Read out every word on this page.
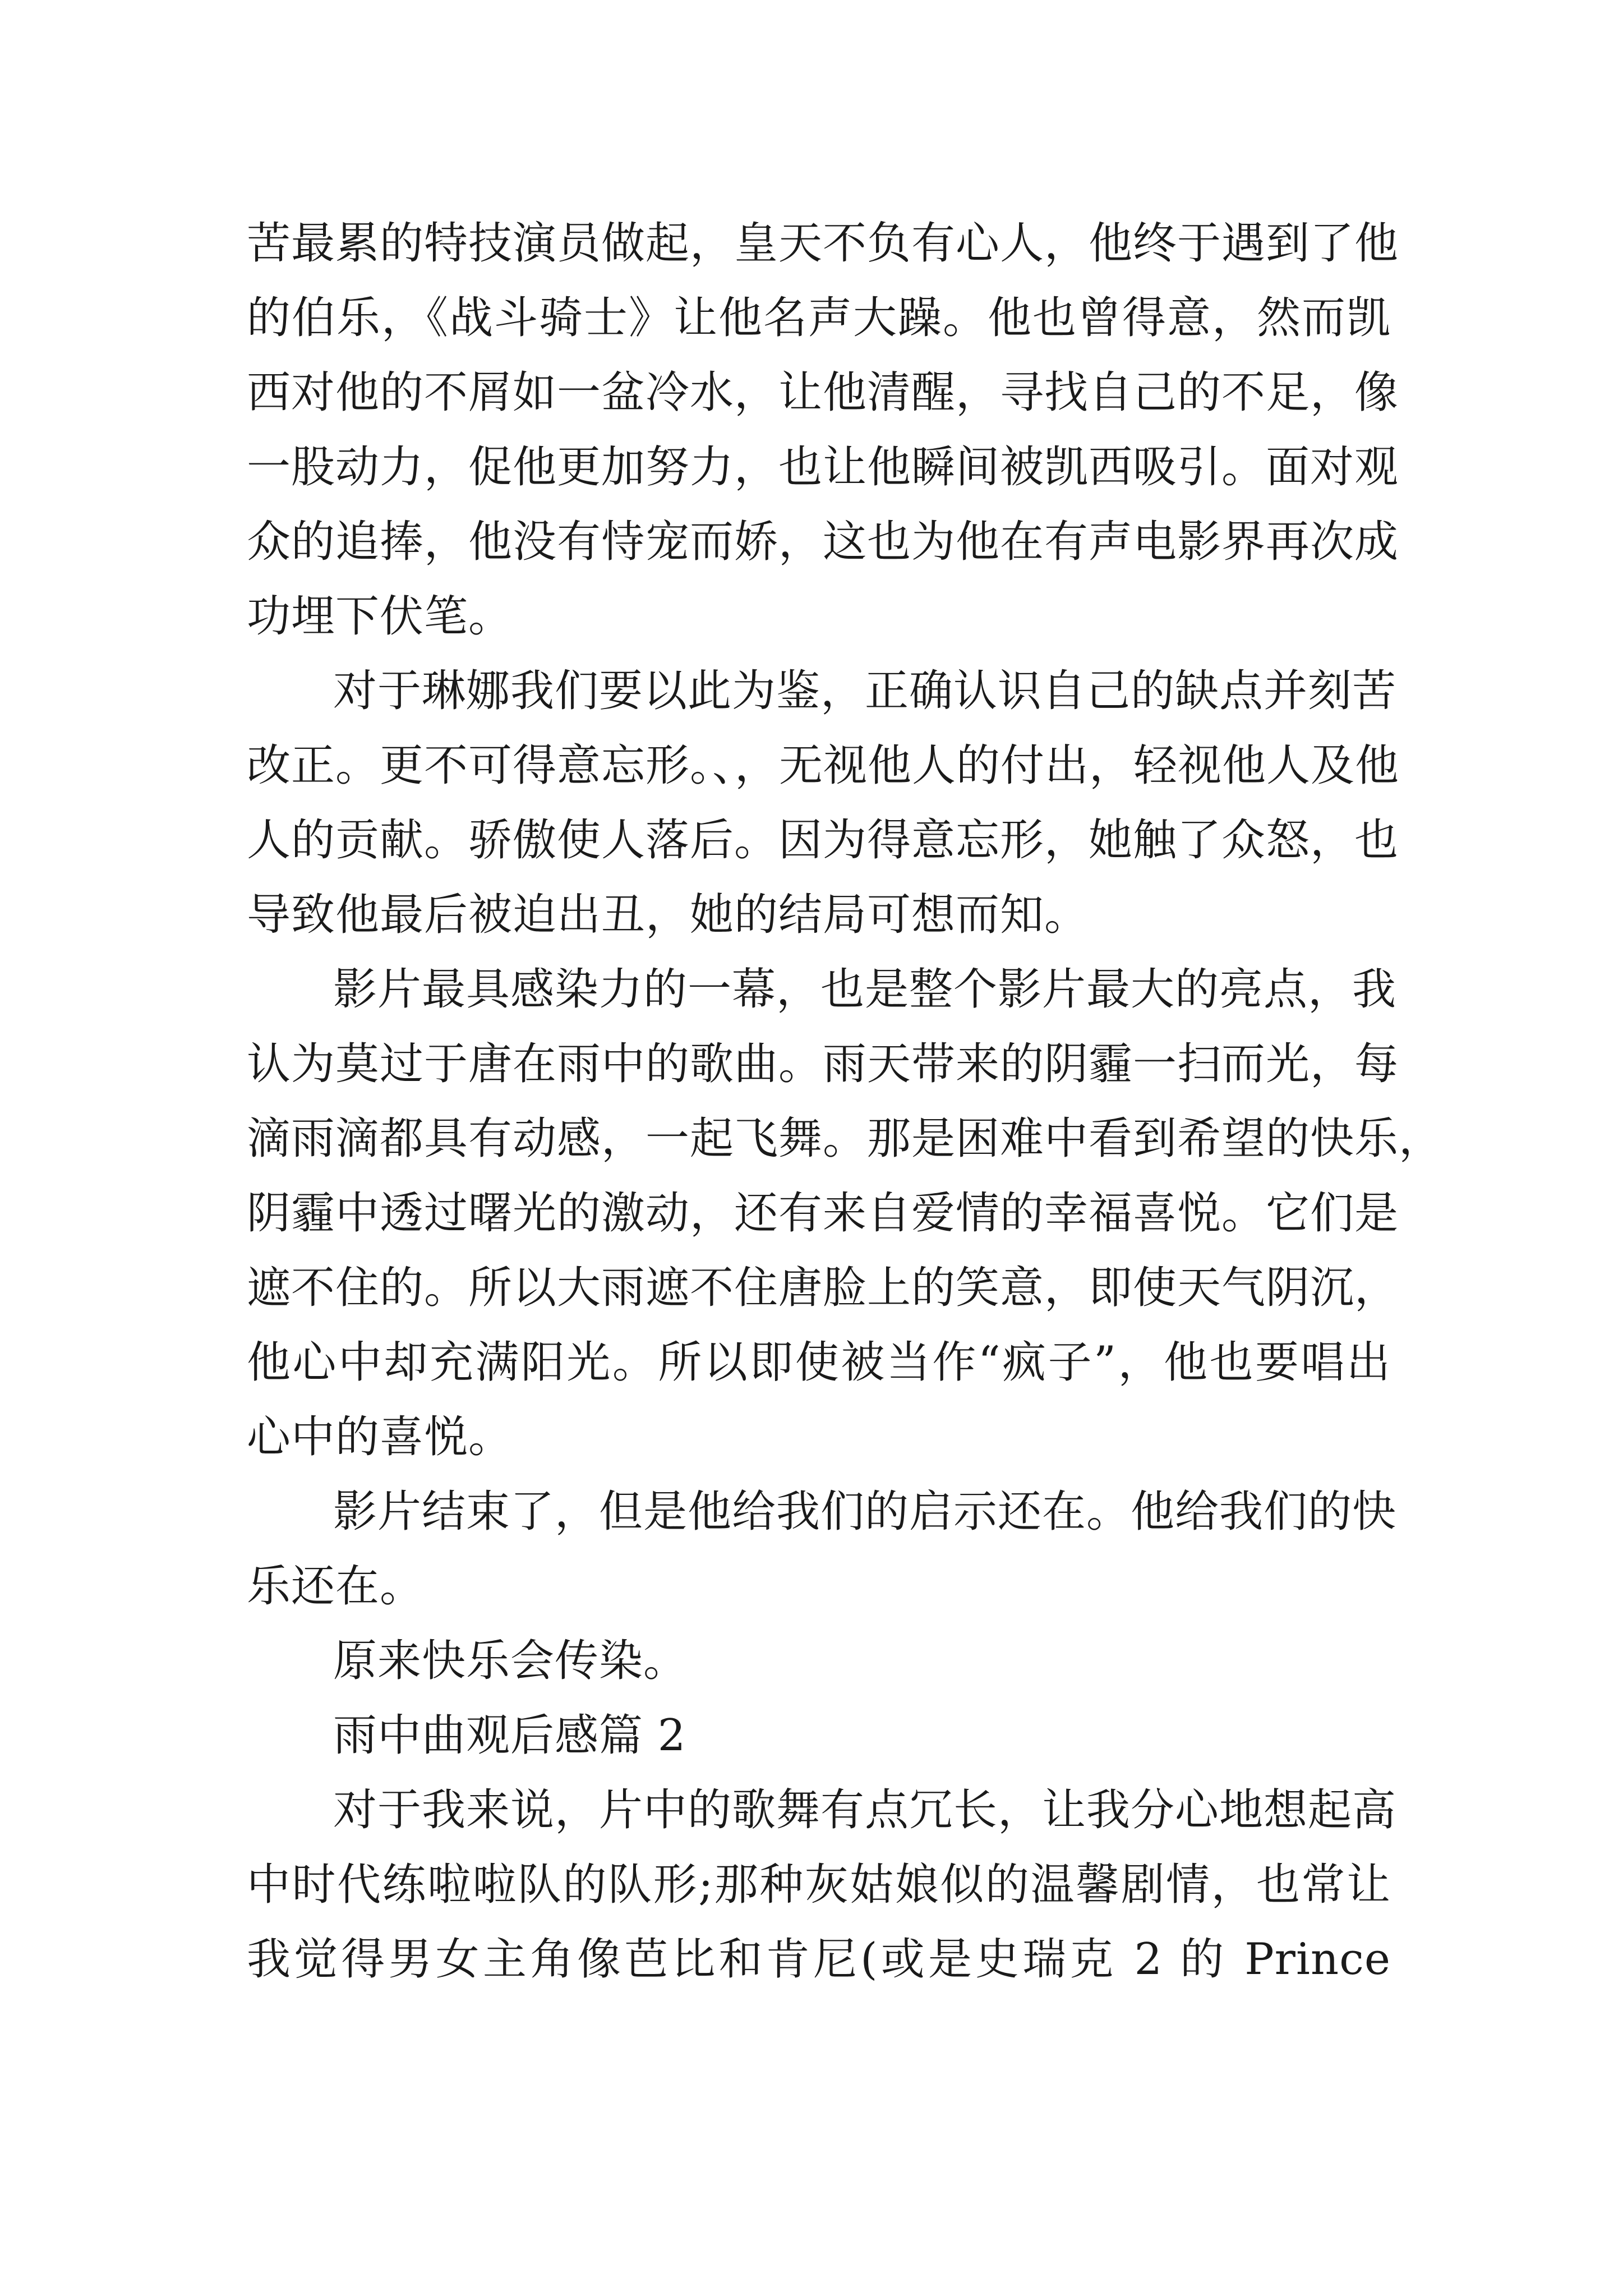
苦最累的特技演员做起，皇天不负有心人，他终于遇到了他
的伯乐，《战斗骑士》让他名声大躁。他也曾得意，然而凯
西对他的不屑如一盆冷水，让他清醒，寻找自己的不足，像
一股动力，促他更加努力，也让他瞬间被凯西吸引。面对观
众的追捧，他没有恃宠而娇，这也为他在有声电影界再次成
功埋下伏笔。
对于琳娜我们要以此为鉴，正确认识自己的缺点并刻苦
改正。更不可得意忘形。、，无视他人的付出，轻视他人及他
人的贡献。骄傲使人落后。因为得意忘形，她触了众怒，也
导致他最后被迫出丑，她的结局可想而知。
影片最具感染力的一幕，也是整个影片最大的亮点，我
认为莫过于唐在雨中的歌曲。雨天带来的阴霾一扫而光，每
滴雨滴都具有动感，一起飞舞。那是困难中看到希望的快乐，
阴霾中透过曙光的激动，还有来自爱情的幸福喜悦。它们是
遮不住的。所以大雨遮不住唐脸上的笑意，即使天气阴沉，
他心中却充满阳光。所以即使被当作“疯子”，他也要唱出
心中的喜悦。
影片结束了，但是他给我们的启示还在。他给我们的快
乐还在。
原来快乐会传染。
雨中曲观后感篇 2
对于我来说，片中的歌舞有点冗长，让我分心地想起高
中时代练啦啦队的队形;那种灰姑娘似的温馨剧情，也常让
我觉得男女主角像芭比和肯尼(或是史瑞克 2 的 Prince
